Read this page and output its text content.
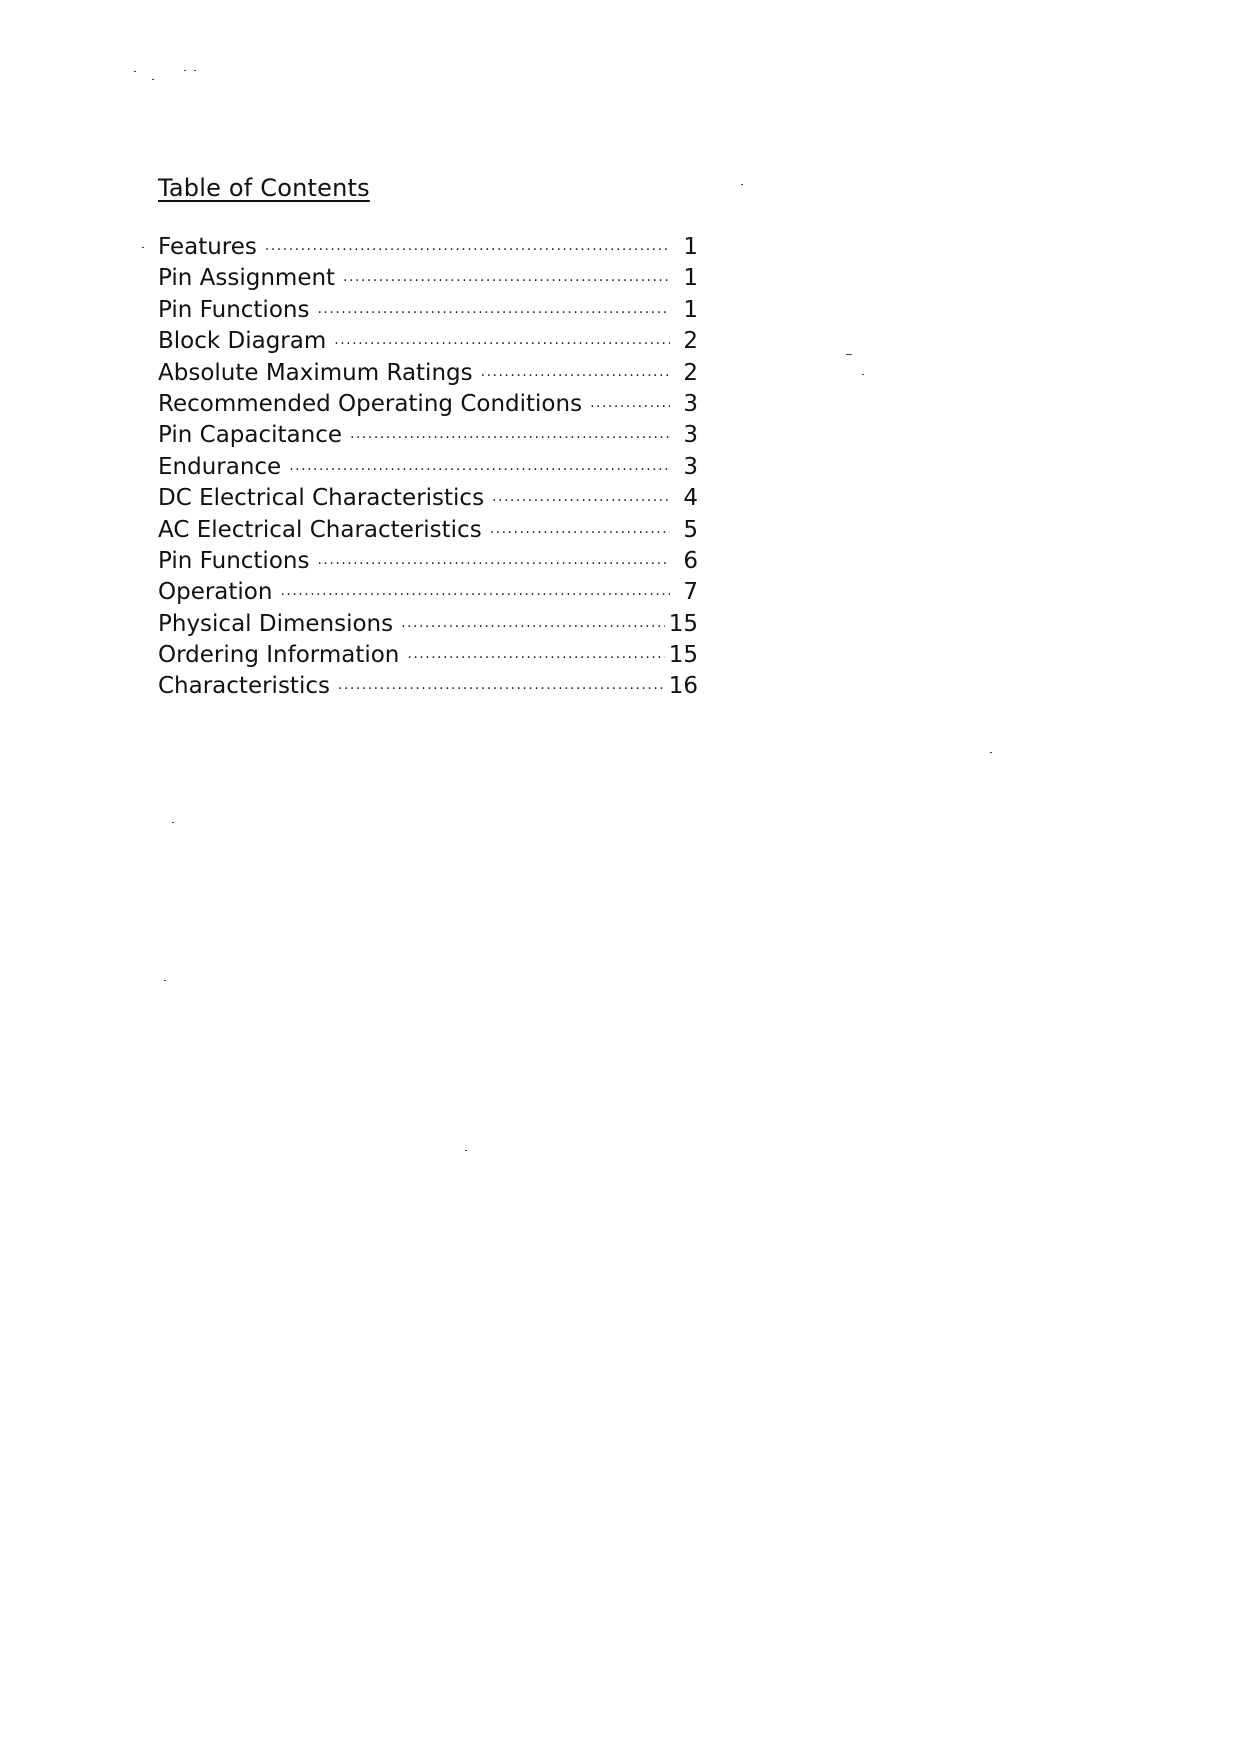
Table of Contents
Features ·····	1
Pin Assignment ·····	1
Pin Functions ·····	1
Block Diagram ·····	2
Absolute Maximum Ratings ·····	2
Recommended Operating Conditions ·····	3
Pin Capacitance ·····	3
Endurance ·····	3
DC Electrical Characteristics ·····	4
AC Electrical Characteristics ·····	5
Pin Functions ·····	6
Operation ·····	7
Physical Dimensions ·····	15
Ordering Information ·····	15
Characteristics ·····	16
